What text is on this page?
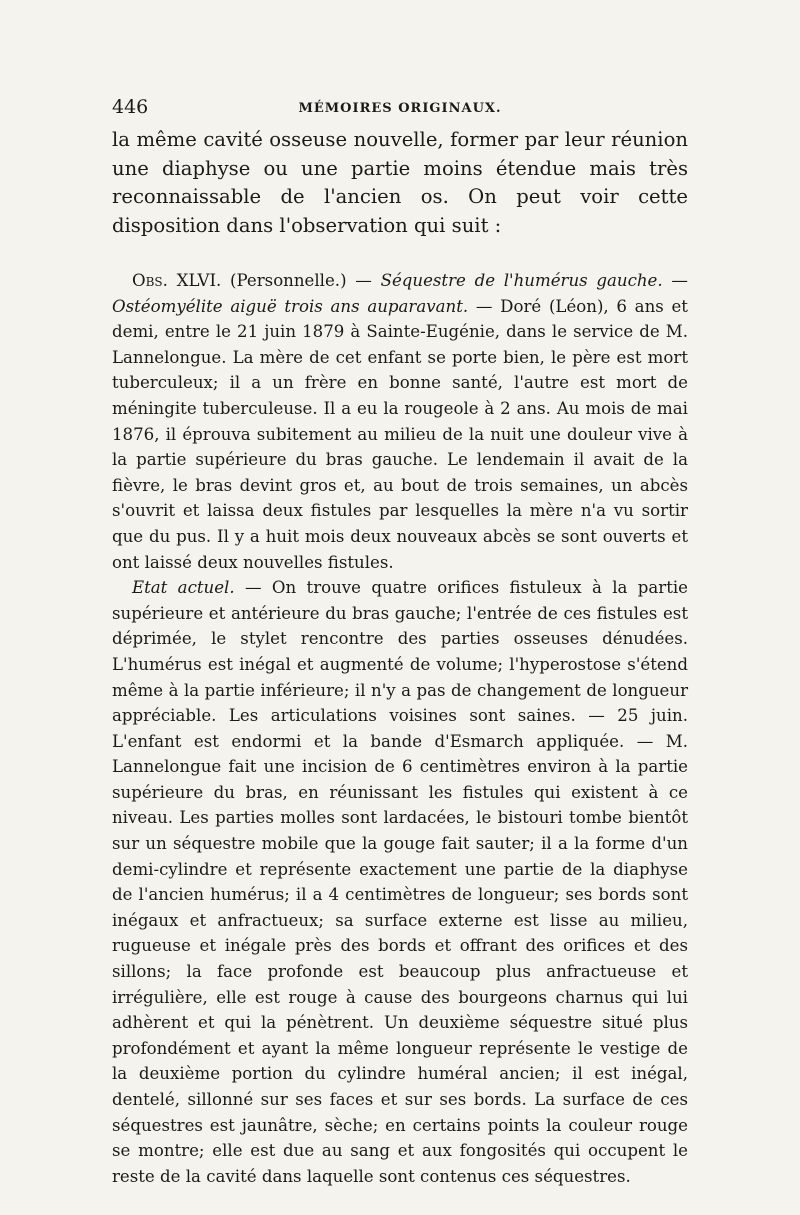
446	MÉMOIRES ORIGINAUX.

la même cavité osseuse nouvelle, former par leur réunion une diaphyse ou une partie moins étendue mais très reconnaissable de l'ancien os. On peut voir cette disposition dans l'observation qui suit :

Obs. XLVI. (Personnelle.) — Séquestre de l'humérus gauche. — Ostéomyélite aiguë trois ans auparavant. — Doré (Léon), 6 ans et demi, entre le 21 juin 1879 à Sainte-Eugénie, dans le service de M. Lannelongue. La mère de cet enfant se porte bien, le père est mort tuberculeux; il a un frère en bonne santé, l'autre est mort de méningite tuberculeuse. Il a eu la rougeole à 2 ans. Au mois de mai 1876, il éprouva subitement au milieu de la nuit une douleur vive à la partie supérieure du bras gauche. Le lendemain il avait de la fièvre, le bras devint gros et, au bout de trois semaines, un abcès s'ouvrit et laissa deux fistules par lesquelles la mère n'a vu sortir que du pus. Il y a huit mois deux nouveaux abcès se sont ouverts et ont laissé deux nouvelles fistules.

Etat actuel. — On trouve quatre orifices fistuleux à la partie supérieure et antérieure du bras gauche; l'entrée de ces fistules est déprimée, le stylet rencontre des parties osseuses dénudées. L'humérus est inégal et augmenté de volume; l'hyperostose s'étend même à la partie inférieure; il n'y a pas de changement de longueur appréciable. Les articulations voisines sont saines. — 25 juin. L'enfant est endormi et la bande d'Esmarch appliquée. — M. Lannelongue fait une incision de 6 centimètres environ à la partie supérieure du bras, en réunissant les fistules qui existent à ce niveau. Les parties molles sont lardacées, le bistouri tombe bientôt sur un séquestre mobile que la gouge fait sauter; il a la forme d'un demi-cylindre et représente exactement une partie de la diaphyse de l'ancien humérus; il a 4 centimètres de longueur; ses bords sont inégaux et anfractueux; sa surface externe est lisse au milieu, rugueuse et inégale près des bords et offrant des orifices et des sillons; la face profonde est beaucoup plus anfractueuse et irrégulière, elle est rouge à cause des bourgeons charnus qui lui adhèrent et qui la pénètrent. Un deuxième séquestre situé plus profondément et ayant la même longueur représente le vestige de la deuxième portion du cylindre huméral ancien; il est inégal, dentelé, sillonné sur ses faces et sur ses bords. La surface de ces séquestres est jaunâtre, sèche; en certains points la couleur rouge se montre; elle est due au sang et aux fongosités qui occupent le reste de la cavité dans laquelle sont contenus ces séquestres.
